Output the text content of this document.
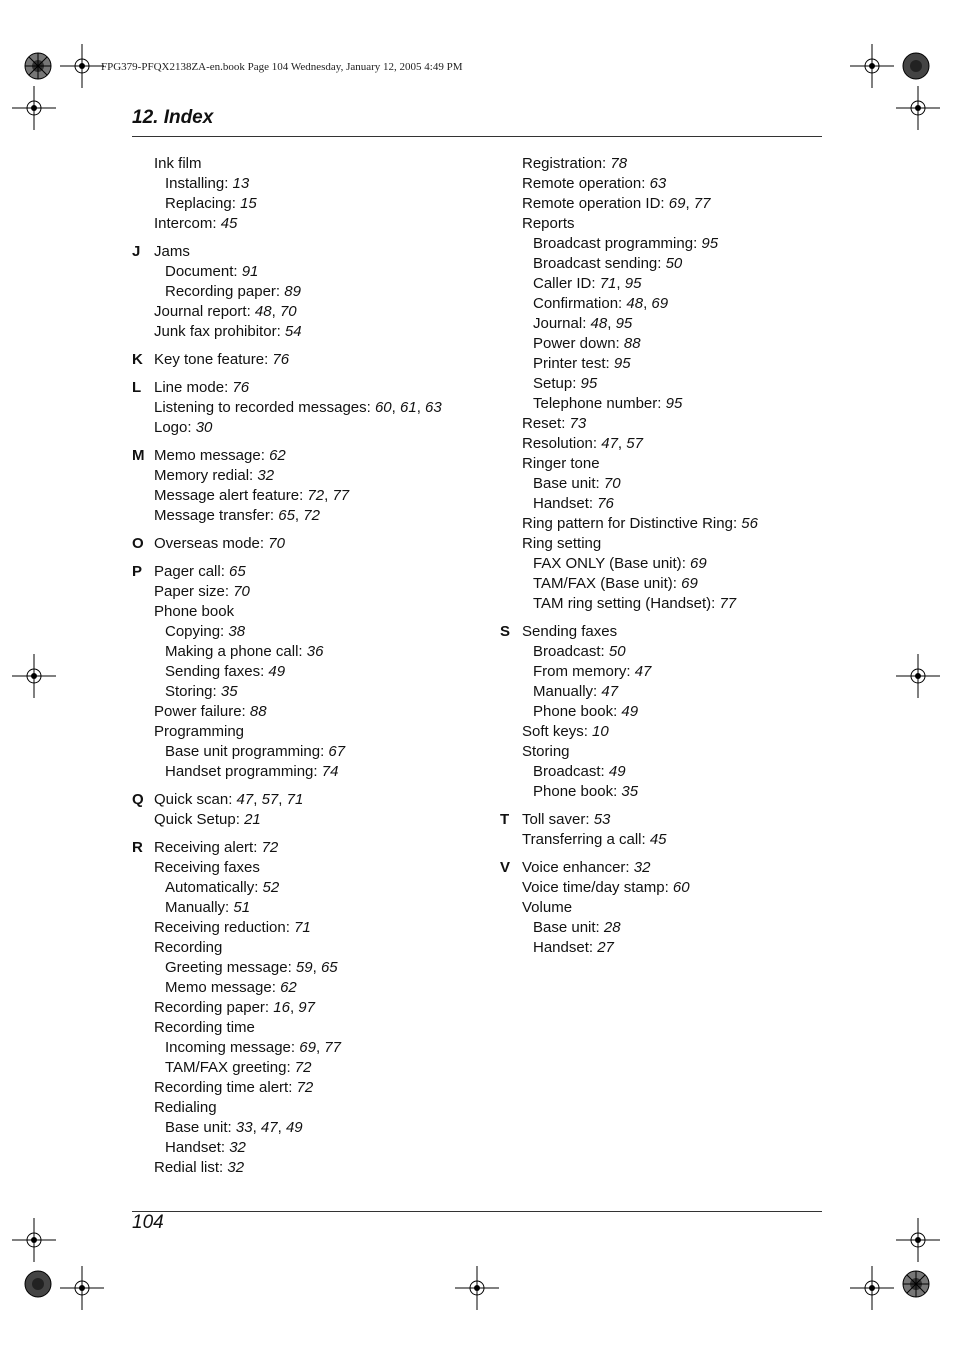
FPG379-PFQX2138ZA-en.book Page 104 Wednesday, January 12, 2005 4:49 PM
12. Index
Ink film
Installing: 13
Replacing: 15
Intercom: 45
J Jams
Document: 91
Recording paper: 89
Journal report: 48, 70
Junk fax prohibitor: 54
K Key tone feature: 76
L Line mode: 76
Listening to recorded messages: 60, 61, 63
Logo: 30
M Memo message: 62
Memory redial: 32
Message alert feature: 72, 77
Message transfer: 65, 72
O Overseas mode: 70
P Pager call: 65
Paper size: 70
Phone book
Copying: 38
Making a phone call: 36
Sending faxes: 49
Storing: 35
Power failure: 88
Programming
Base unit programming: 67
Handset programming: 74
Q Quick scan: 47, 57, 71
Quick Setup: 21
R Receiving alert: 72
Receiving faxes
Automatically: 52
Manually: 51
Receiving reduction: 71
Recording
Greeting message: 59, 65
Memo message: 62
Recording paper: 16, 97
Recording time
Incoming message: 69, 77
TAM/FAX greeting: 72
Recording time alert: 72
Redialing
Base unit: 33, 47, 49
Handset: 32
Redial list: 32
Registration: 78
Remote operation: 63
Remote operation ID: 69, 77
Reports
Broadcast programming: 95
Broadcast sending: 50
Caller ID: 71, 95
Confirmation: 48, 69
Journal: 48, 95
Power down: 88
Printer test: 95
Setup: 95
Telephone number: 95
Reset: 73
Resolution: 47, 57
Ringer tone
Base unit: 70
Handset: 76
Ring pattern for Distinctive Ring: 56
Ring setting
FAX ONLY (Base unit): 69
TAM/FAX (Base unit): 69
TAM ring setting (Handset): 77
S Sending faxes
Broadcast: 50
From memory: 47
Manually: 47
Phone book: 49
Soft keys: 10
Storing
Broadcast: 49
Phone book: 35
T Toll saver: 53
Transferring a call: 45
V Voice enhancer: 32
Voice time/day stamp: 60
Volume
Base unit: 28
Handset: 27
104
